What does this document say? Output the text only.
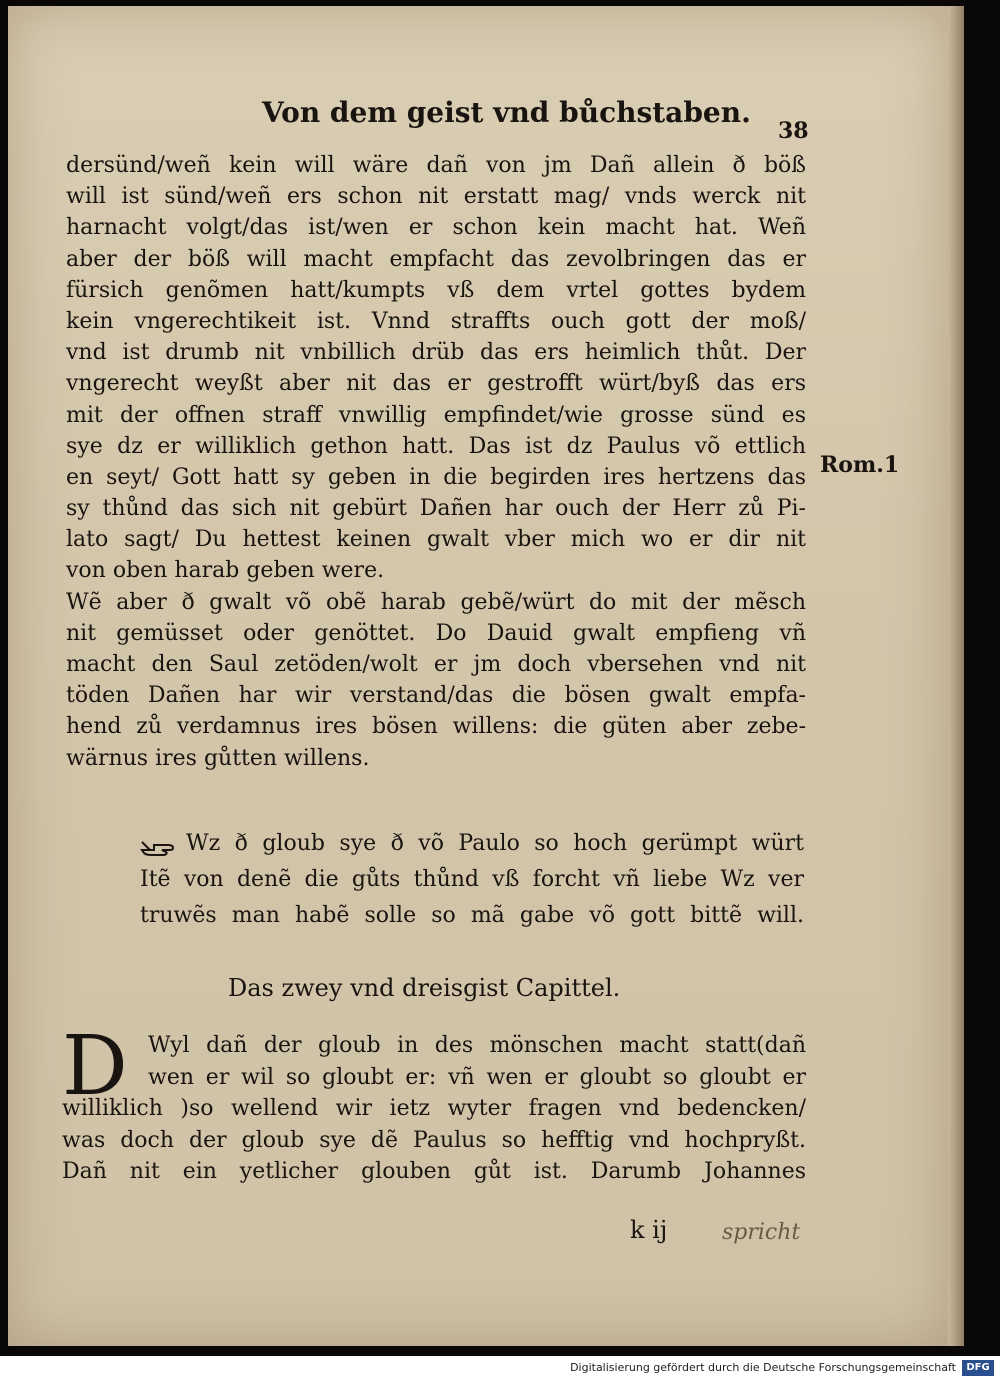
Von dem geist vnd bůchstaben.
38
dersünd/weñ kein will wäre dañ von jm Dañ allein ð böß
will ist sünd/weñ ers schon nit erstatt mag/ vnds werck nit
harnacht volgt/das ist/wen er schon kein macht hat. Weñ
aber der böß will macht empfacht das zevolbringen das er
fürsich genõmen hatt/kumpts vß dem vrtel gottes bydem
kein vngerechtikeit ist. Vnnd straffts ouch gott der moß/
vnd ist drumb nit vnbillich drüb das ers heimlich thůt. Der
vngerecht weyßt aber nit das er gestrofft würt/byß das ers
mit der offnen straff vnwillig empfindet/wie grosse sünd es
sye dz er williklich gethon hatt. Das ist dz Paulus võ ettlich
en seyt/ Gott hatt sy geben in die begirden ires hertzens das
sy thůnd das sich nit gebürt Dañen har ouch der Herr zů Pi-
lato sagt/ Du hettest keinen gwalt vber mich wo er dir nit
von oben harab geben were.
Wẽ aber ð gwalt võ obẽ harab gebẽ/würt do mit der mẽsch
nit gemüsset oder genöttet. Do Dauid gwalt empfieng vñ
macht den Saul zetöden/wolt er jm doch vbersehen vnd nit
töden Dañen har wir verstand/das die bösen gwalt empfa-
hend zů verdamnus ires bösen willens: die güten aber zebe-
wärnus ires gůtten willens.
Rom.1
Wz ð gloub sye ð võ Paulo so hoch gerümpt würt
Itẽ von denẽ die gůts thůnd vß forcht vñ liebe Wz ver
truwẽs man habẽ solle so mã gabe võ gott bittẽ will.
Das zwey vnd dreisgist Capittel.
D Wyl dañ der gloub in des mönschen macht statt(dañ
wen er wil so gloubt er: vñ wen er gloubt so gloubt er
williklich )so wellend wir ietz wyter fragen vnd bedencken/
was doch der gloub sye dẽ Paulus so hefftig vnd hochpryßt.
Dañ nit ein yetlicher glouben gůt ist. Darumb Johannes
k ij spricht
Digitalisierung gefördert durch die Deutsche Forschungsgemeinschaft	DFG
